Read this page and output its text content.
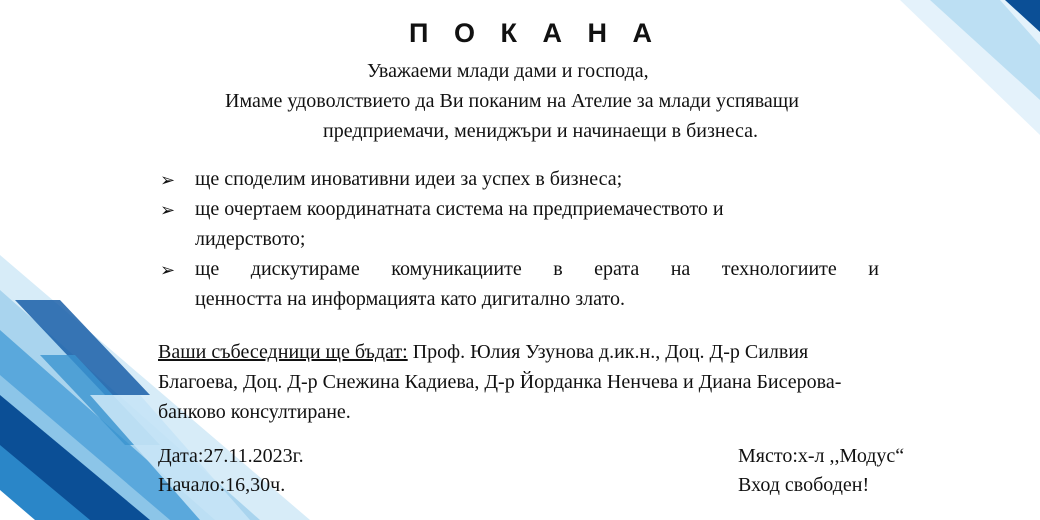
П О К А Н А
Уважаеми млади дами и господа,
Имаме удоволствието да Ви поканим на Ателие за млади успяващи
предприемачи, мениджъри и начинаещи в бизнеса.
➢ ще споделим иновативни идеи за успех в бизнеса;
➢ ще очертаем координатната система на предприемачеството и
лидерството;
➢ ще дискутираме комуникациите в ерата на технологиите и
ценността на информацията като дигитално злато.
Ваши събеседници ще бъдат: Проф. Юлия Узунова д.ик.н., Доц. Д-р Силвия
Благоева, Доц. Д-р Снежина Кадиева, Д-р Йорданка Ненчева и Диана Бисерова-
банково консултиране.
Дата:27.11.2023г.
Начало:16,30ч.
Място:х-л ,,Модус“
Вход свободен!
